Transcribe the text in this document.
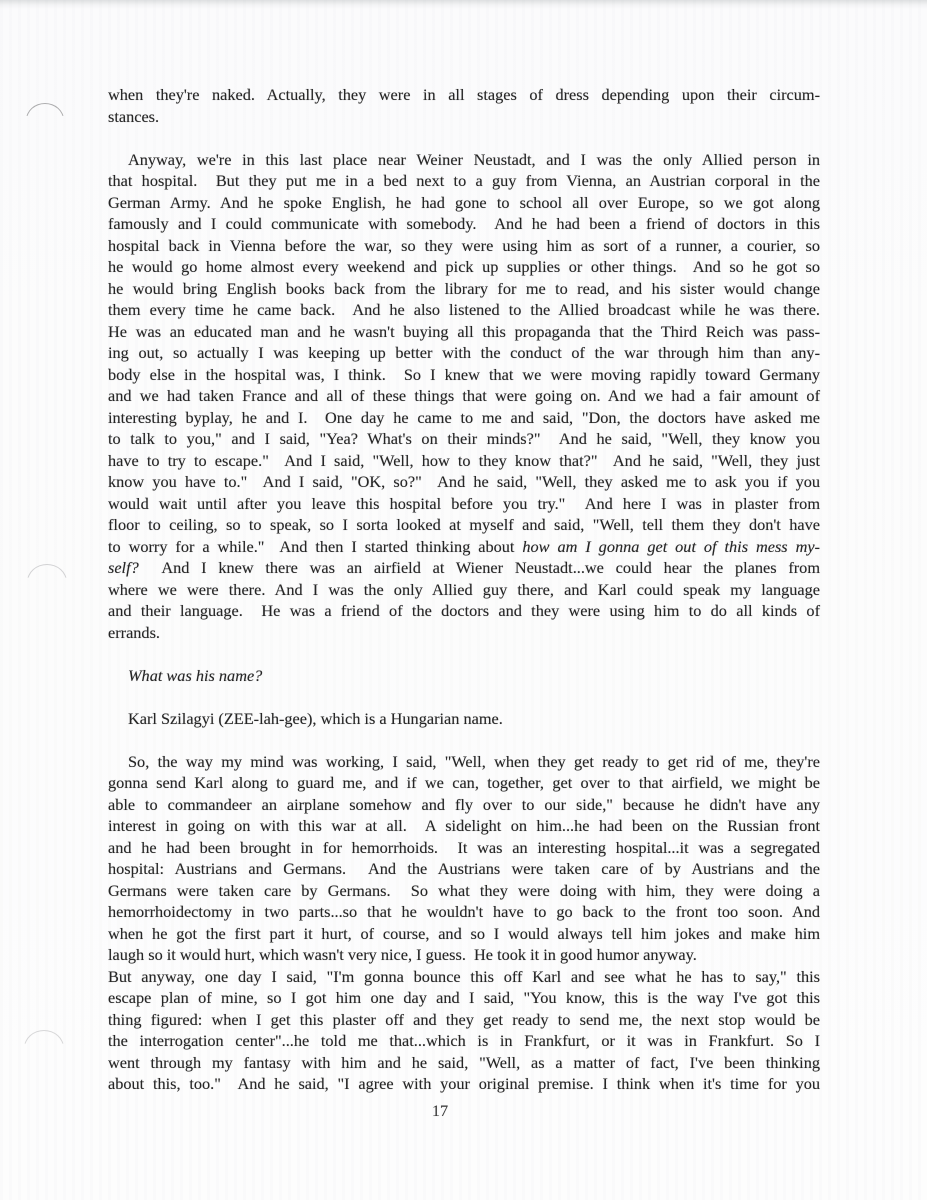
when they're naked. Actually, they were in all stages of dress depending upon their circum-
stances.
Anyway, we're in this last place near Weiner Neustadt, and I was the only Allied person in
that hospital.  But they put me in a bed next to a guy from Vienna, an Austrian corporal in the
German Army. And he spoke English, he had gone to school all over Europe, so we got along
famously and I could communicate with somebody.  And he had been a friend of doctors in this
hospital back in Vienna before the war, so they were using him as sort of a runner, a courier, so
he would go home almost every weekend and pick up supplies or other things.  And so he got so
he would bring English books back from the library for me to read, and his sister would change
them every time he came back.  And he also listened to the Allied broadcast while he was there.
He was an educated man and he wasn't buying all this propaganda that the Third Reich was pass-
ing out, so actually I was keeping up better with the conduct of the war through him than any-
body else in the hospital was, I think.  So I knew that we were moving rapidly toward Germany
and we had taken France and all of these things that were going on. And we had a fair amount of
interesting byplay, he and I.  One day he came to me and said, "Don, the doctors have asked me
to talk to you," and I said, "Yea? What's on their minds?"  And he said, "Well, they know you
have to try to escape."  And I said, "Well, how to they know that?"  And he said, "Well, they just
know you have to."  And I said, "OK, so?"  And he said, "Well, they asked me to ask you if you
would wait until after you leave this hospital before you try."  And here I was in plaster from
floor to ceiling, so to speak, so I sorta looked at myself and said, "Well, tell them they don't have
to worry for a while."  And then I started thinking about how am I gonna get out of this mess my-
self?  And I knew there was an airfield at Wiener Neustadt...we could hear the planes from
where we were there. And I was the only Allied guy there, and Karl could speak my language
and their language.  He was a friend of the doctors and they were using him to do all kinds of
errands.
What was his name?
Karl Szilagyi (ZEE-lah-gee), which is a Hungarian name.
So, the way my mind was working, I said, "Well, when they get ready to get rid of me, they're
gonna send Karl along to guard me, and if we can, together, get over to that airfield, we might be
able to commandeer an airplane somehow and fly over to our side," because he didn't have any
interest in going on with this war at all.  A sidelight on him...he had been on the Russian front
and he had been brought in for hemorrhoids.  It was an interesting hospital...it was a segregated
hospital: Austrians and Germans.  And the Austrians were taken care of by Austrians and the
Germans were taken care by Germans.  So what they were doing with him, they were doing a
hemorrhoidectomy in two parts...so that he wouldn't have to go back to the front too soon. And
when he got the first part it hurt, of course, and so I would always tell him jokes and make him
laugh so it would hurt, which wasn't very nice, I guess.  He took it in good humor anyway.
But anyway, one day I said, "I'm gonna bounce this off Karl and see what he has to say," this
escape plan of mine, so I got him one day and I said, "You know, this is the way I've got this
thing figured: when I get this plaster off and they get ready to send me, the next stop would be
the interrogation center"...he told me that...which is in Frankfurt, or it was in Frankfurt. So I
went through my fantasy with him and he said, "Well, as a matter of fact, I've been thinking
about this, too."  And he said, "I agree with your original premise. I think when it's time for you
17
